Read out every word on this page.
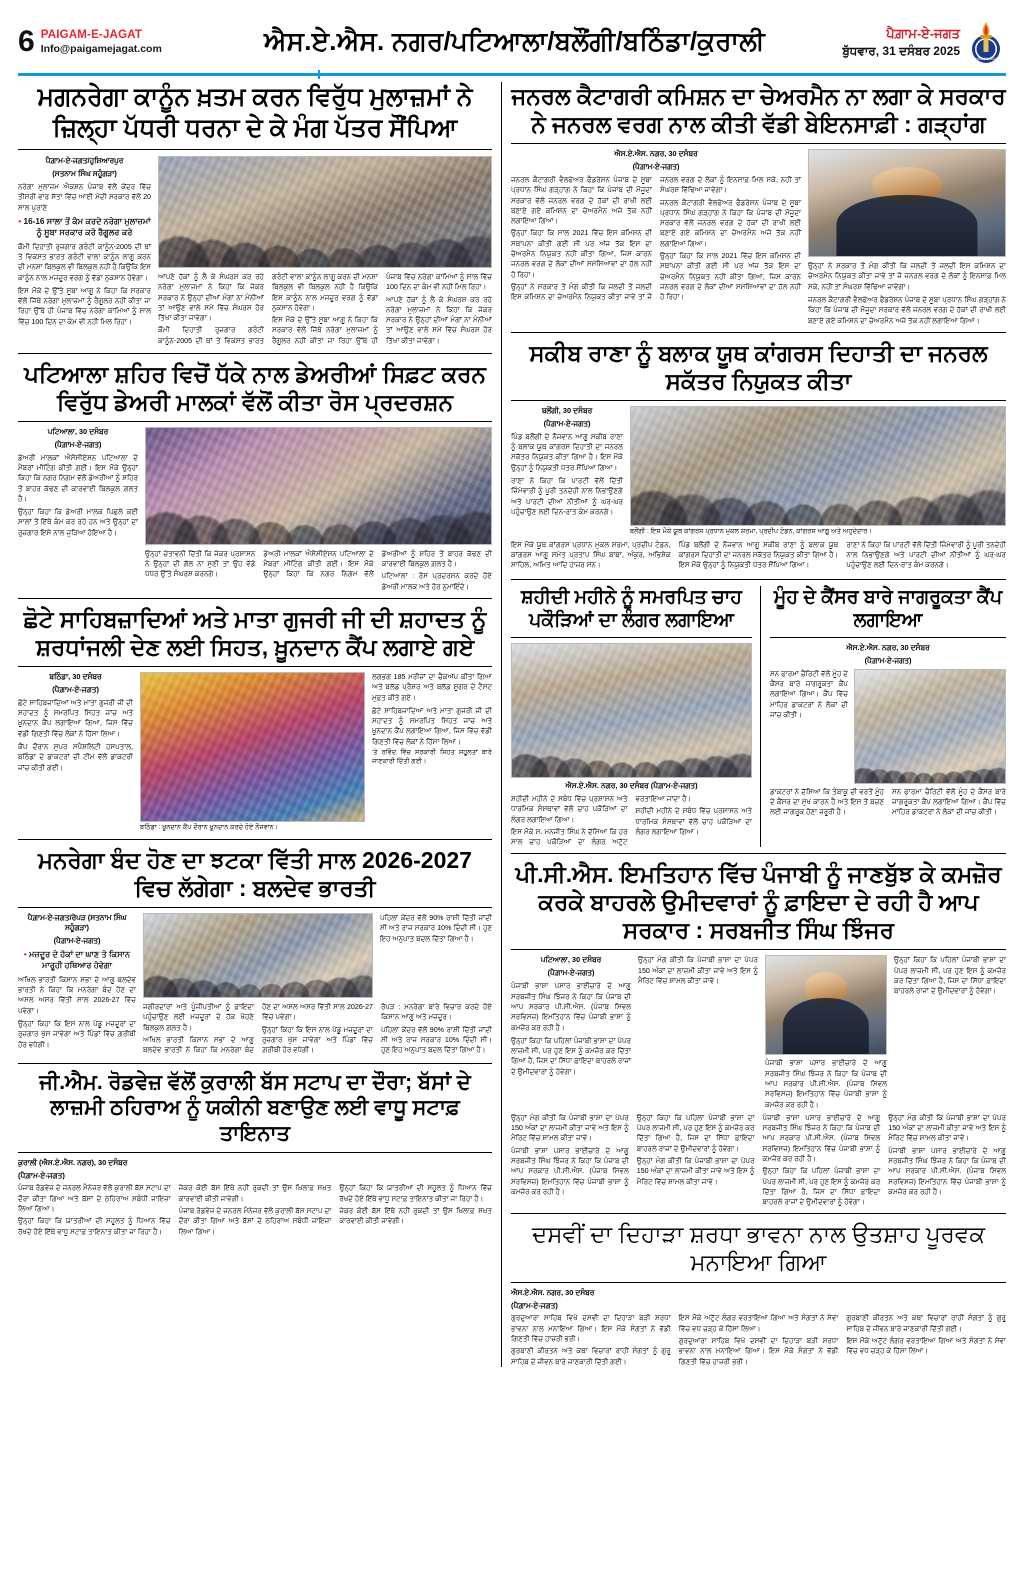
6 PAIGAM-E-JAGAT
Info@paigamejagat.com	ਐਸ.ਏ.ਐਸ. ਨਗਰ/ਪਟਿਆਲਾ/ਬਲੌਂਗੀ/ਬਠਿੰਡਾ/ਕੁਰਾਲੀ	ਪੈਗ਼ਾਮ-ਏ-ਜਗਤ
ਬੁੱਧਵਾਰ, 31 ਦਸੰਬਰ 2025
PAIGAM-E-JAGAT
ਮਗਨਰੇਗਾ ਕਾਨੂੰਨ ਖ਼ਤਮ ਕਰਨ ਵਿਰੁੱਧ ਮੁਲਾਜ਼ਮਾਂ ਨੇ ਜ਼ਿਲ੍ਹਾ ਪੱਧਰੀ ਧਰਨਾ ਦੇ ਕੇ ਮੰਗ ਪੱਤਰ ਸੌਂਪਿਆ
ਪੈਗ਼ਾਮ-ਏ-ਜਗਤ/ਹੁਸ਼ਿਆਰਪੁਰ
(ਸਤਨਾਮ ਸਿੰਘ ਸਹੂੰਗੜਾ)
ਨਰੇਗਾ ਮੁਲਾਜ਼ਮ ਐਕਸ਼ਨ ਪੰਜਾਬ ਵੱਲੋਂ ਕੇਂਦਰ ਵਿੱਚ ਤੀਸਰੀ ਵਾਰ ਸੱਤਾ ਵਿੱਚ ਆਈ ਮੋਦੀ ਸਰਕਾਰ ਵੱਲੋਂ 20 ਸਾਲ ਪੁਰਾਣੇ
• 16-16 ਸਾਲਾ ਤੋਂ ਕੰਮ ਕਰਦੇ ਨਰੇਗਾ ਮੁਲਾਜ਼ਮਾਂ ਨੂੰ ਸੂਬਾ ਸਰਕਾਰ ਕਰੇ ਰੈਗੂਲਰ ਕਰੇ
ਕੌਮੀ ਦਿਹਾਤੀ ਰੁਜ਼ਗਾਰ ਗਰੰਟੀ ਕਾਨੂੰਨ-2005 ਦੀ ਥਾਂ ਤੇ ਵਿਕਸਤ ਭਾਰਤ ਗਰੰਟੀ ਵਾਲਾ ਕਾਨੂੰਨ ਲਾਗੂ ਕਰਨ ਦੀ ਮਨਸ਼ਾ ਬਿਲਕੁਲ ਵੀ ਬਿਲਕੁਲ ਨਹੀਂ ਹੈ ਕਿਉਂਕਿ ਇਸ ਕਾਨੂੰਨ ਨਾਲ ਮਜ਼ਦੂਰ ਵਰਗ ਨੂੰ ਵੱਡਾ ਨੁਕਸਾਨ ਹੋਵੇਗਾ।
ਇਸ ਮੌਕੇ ਦੇ ਉੱਤੇ ਸੂਬਾ ਆਗੂ ਨੇ ਕਿਹਾ ਕਿ ਸਰਕਾਰ ਵੱਲੋਂ ਜਿੱਥੇ ਨਰੇਗਾ ਮੁਲਾਜ਼ਮਾਂ ਨੂੰ ਰੈਗੂਲਰ ਨਹੀਂ ਕੀਤਾ ਜਾ ਰਿਹਾ ਉੱਥੇ ਹੀ ਪੰਜਾਬ ਵਿੱਚ ਨਰੇਗਾ ਕਾਮਿਆਂ ਨੂੰ ਸਾਲ ਵਿੱਚ 100 ਦਿਨ ਦਾ ਕੰਮ ਵੀ ਨਹੀਂ ਮਿਲ ਰਿਹਾ।

ਆਪਣੇ ਹੱਕਾਂ ਨੂੰ ਲੈ ਕੇ ਸੰਘਰਸ਼ ਕਰ ਰਹੇ ਨਰੇਗਾ ਮੁਲਾਜ਼ਮਾਂ ਨੇ ਕਿਹਾ ਕਿ ਜੇਕਰ ਸਰਕਾਰ ਨੇ ਉਨ੍ਹਾਂ ਦੀਆਂ ਮੰਗਾਂ ਨਾ ਮੰਨੀਆਂ ਤਾਂ ਆਉਣ ਵਾਲੇ ਸਮੇਂ ਵਿੱਚ ਸੰਘਰਸ਼ ਹੋਰ ਤਿੱਖਾ ਕੀਤਾ ਜਾਵੇਗਾ।

ਕੌਮੀ ਦਿਹਾਤੀ ਰੁਜ਼ਗਾਰ ਗਰੰਟੀ ਕਾਨੂੰਨ-2005 ਦੀ ਥਾਂ ਤੇ ਵਿਕਸਤ ਭਾਰਤ ਗਰੰਟੀ ਵਾਲਾ ਕਾਨੂੰਨ ਲਾਗੂ ਕਰਨ ਦੀ ਮਨਸ਼ਾ ਬਿਲਕੁਲ ਵੀ ਬਿਲਕੁਲ ਨਹੀਂ ਹੈ ਕਿਉਂਕਿ ਇਸ ਕਾਨੂੰਨ ਨਾਲ ਮਜ਼ਦੂਰ ਵਰਗ ਨੂੰ ਵੱਡਾ ਨੁਕਸਾਨ ਹੋਵੇਗਾ।

ਇਸ ਮੌਕੇ ਦੇ ਉੱਤੇ ਸੂਬਾ ਆਗੂ ਨੇ ਕਿਹਾ ਕਿ ਸਰਕਾਰ ਵੱਲੋਂ ਜਿੱਥੇ ਨਰੇਗਾ ਮੁਲਾਜ਼ਮਾਂ ਨੂੰ ਰੈਗੂਲਰ ਨਹੀਂ ਕੀਤਾ ਜਾ ਰਿਹਾ ਉੱਥੇ ਹੀ ਪੰਜਾਬ ਵਿੱਚ ਨਰੇਗਾ ਕਾਮਿਆਂ ਨੂੰ ਸਾਲ ਵਿੱਚ 100 ਦਿਨ ਦਾ ਕੰਮ ਵੀ ਨਹੀਂ ਮਿਲ ਰਿਹਾ।

ਆਪਣੇ ਹੱਕਾਂ ਨੂੰ ਲੈ ਕੇ ਸੰਘਰਸ਼ ਕਰ ਰਹੇ ਨਰੇਗਾ ਮੁਲਾਜ਼ਮਾਂ ਨੇ ਕਿਹਾ ਕਿ ਜੇਕਰ ਸਰਕਾਰ ਨੇ ਉਨ੍ਹਾਂ ਦੀਆਂ ਮੰਗਾਂ ਨਾ ਮੰਨੀਆਂ ਤਾਂ ਆਉਣ ਵਾਲੇ ਸਮੇਂ ਵਿੱਚ ਸੰਘਰਸ਼ ਹੋਰ ਤਿੱਖਾ ਕੀਤਾ ਜਾਵੇਗਾ।

ਪਟਿਆਲਾ ਸ਼ਹਿਰ ਵਿਚੋਂ ਧੱਕੇ ਨਾਲ ਡੇਅਰੀਆਂ ਸਿਫ਼ਟ ਕਰਨ ਵਿਰੁੱਧ ਡੇਅਰੀ ਮਾਲਕਾਂ ਵੱਲੋਂ ਕੀਤਾ ਰੋਸ ਪ੍ਰਦਰਸ਼ਨ
ਪਟਿਆਲਾ, 30 ਦਸੰਬਰ
(ਪੈਗ਼ਾਮ-ਏ-ਜਗਤ)
ਡੇਅਰੀ ਮਾਲਕਾਂ ਐਸੋਸੀਏਸ਼ਨ ਪਟਿਆਲਾ ਦੇ ਮੈਂਬਰਾਂ ਮੀਟਿੰਗ ਕੀਤੀ ਗਈ। ਇਸ ਮੌਕੇ ਉਨ੍ਹਾਂ ਕਿਹਾ ਕਿ ਨਗਰ ਨਿਗਮ ਵੱਲੋਂ ਡੇਅਰੀਆਂ ਨੂੰ ਸ਼ਹਿਰ ਤੋਂ ਬਾਹਰ ਕੱਢਣ ਦੀ ਕਾਰਵਾਈ ਬਿਲਕੁਲ ਗ਼ਲਤ ਹੈ।
ਉਨ੍ਹਾਂ ਕਿਹਾ ਕਿ ਡੇਅਰੀ ਮਾਲਕ ਪਿਛਲੇ ਕਈ ਸਾਲਾਂ ਤੋਂ ਇੱਥੇ ਕੰਮ ਕਰ ਰਹੇ ਹਨ ਅਤੇ ਉਨ੍ਹਾਂ ਦਾ ਰੁਜ਼ਗਾਰ ਇਸੇ ਨਾਲ ਜੁੜਿਆ ਹੋਇਆ ਹੈ।

ਉਨ੍ਹਾਂ ਚੇਤਾਵਨੀ ਦਿੱਤੀ ਕਿ ਜੇਕਰ ਪ੍ਰਸ਼ਾਸਨ ਨੇ ਉਨ੍ਹਾਂ ਦੀ ਗੱਲ ਨਾ ਸੁਣੀ ਤਾਂ ਉਹ ਵੱਡੇ ਪੱਧਰ ਉੱਤੇ ਸੰਘਰਸ਼ ਕਰਨਗੇ।

ਡੇਅਰੀ ਮਾਲਕਾਂ ਐਸੋਸੀਏਸ਼ਨ ਪਟਿਆਲਾ ਦੇ ਮੈਂਬਰਾਂ ਮੀਟਿੰਗ ਕੀਤੀ ਗਈ। ਇਸ ਮੌਕੇ ਉਨ੍ਹਾਂ ਕਿਹਾ ਕਿ ਨਗਰ ਨਿਗਮ ਵੱਲੋਂ ਡੇਅਰੀਆਂ ਨੂੰ ਸ਼ਹਿਰ ਤੋਂ ਬਾਹਰ ਕੱਢਣ ਦੀ ਕਾਰਵਾਈ ਬਿਲਕੁਲ ਗ਼ਲਤ ਹੈ।

ਪਟਿਆਲਾ : ਰੋਸ ਪ੍ਰਦਰਸ਼ਨ ਕਰਦੇ ਹੋਏ ਡੇਅਰੀ ਮਾਲਕ ਅਤੇ ਹੋਰ ਨੁਮਾਇੰਦੇ।

ਛੋਟੇ ਸਾਹਿਬਜ਼ਾਦਿਆਂ ਅਤੇ ਮਾਤਾ ਗੁਜਰੀ ਜੀ ਦੀ ਸ਼ਹਾਦਤ ਨੂੰ ਸ਼ਰਧਾਂਜਲੀ ਦੇਣ ਲਈ ਸਿਹਤ, ਖ਼ੂਨਦਾਨ ਕੈਂਪ ਲਗਾਏ ਗਏ
ਬਠਿੰਡਾ, 30 ਦਸੰਬਰ
(ਪੈਗ਼ਾਮ-ਏ-ਜਗਤ)
ਛੋਟੇ ਸਾਹਿਬਜ਼ਾਦਿਆਂ ਅਤੇ ਮਾਤਾ ਗੁਜਰੀ ਜੀ ਦੀ ਸ਼ਹਾਦਤ ਨੂੰ ਸਮਰਪਿਤ ਸਿਹਤ ਜਾਂਚ ਅਤੇ ਖ਼ੂਨਦਾਨ ਕੈਂਪ ਲਗਾਇਆ ਗਿਆ, ਜਿਸ ਵਿੱਚ ਵੱਡੀ ਗਿਣਤੀ ਵਿੱਚ ਲੋਕਾਂ ਨੇ ਹਿੱਸਾ ਲਿਆ।
ਕੈਂਪ ਦੌਰਾਨ ਸੁਪਰ ਸਪੈਸ਼ਲਿਟੀ ਹਸਪਤਾਲ, ਬਠਿੰਡਾ ਦੇ ਡਾਕਟਰਾਂ ਦੀ ਟੀਮ ਵੱਲੋਂ ਡਾਕਟਰੀ ਜਾਂਚ ਕੀਤੀ ਗਈ।
ਬਠਿੰਡਾ : ਖ਼ੂਨਦਾਨ ਕੈਂਪ ਦੌਰਾਨ ਖ਼ੂਨਦਾਨ ਕਰਦੇ ਹੋਏ ਨੌਜਵਾਨ।
ਲਗਭਗ 185 ਮਰੀਜ਼ਾਂ ਦਾ ਚੈਕਅੱਪ ਕੀਤਾ ਗਿਆ ਅਤੇ ਬਲੱਡ ਪ੍ਰੈਸ਼ਰ ਅਤੇ ਬਲੱਡ ਸ਼ੂਗਰ ਦੇ ਟੈਸਟ ਮੁਫ਼ਤ ਕੀਤੇ ਗਏ।
ਛੋਟੇ ਸਾਹਿਬਜ਼ਾਦਿਆਂ ਅਤੇ ਮਾਤਾ ਗੁਜਰੀ ਜੀ ਦੀ ਸ਼ਹਾਦਤ ਨੂੰ ਸਮਰਪਿਤ ਸਿਹਤ ਜਾਂਚ ਅਤੇ ਖ਼ੂਨਦਾਨ ਕੈਂਪ ਲਗਾਇਆ ਗਿਆ, ਜਿਸ ਵਿੱਚ ਵੱਡੀ ਗਿਣਤੀ ਵਿੱਚ ਲੋਕਾਂ ਨੇ ਹਿੱਸਾ ਲਿਆ।
'ਤੇ ਰਵਿੰਦ ਵਿੱਚ ਸਰਕਾਰੀ ਸਿਹਤ ਸਹੂਲਤਾਂ ਬਾਰੇ ਜਾਣਕਾਰੀ ਦਿੱਤੀ ਗਈ।
ਮਨਰੇਗਾ ਬੰਦ ਹੋਣ ਦਾ ਝਟਕਾ ਵਿੱਤੀ ਸਾਲ 2026-2027 ਵਿਚ ਲੱਗੇਗਾ : ਬਲਦੇਵ ਭਾਰਤੀ
ਪੈਗ਼ਾਮ-ਏ-ਜਗਤ/ਰੋਪੜ (ਸਤਨਾਮ ਸਿੰਘ ਸਹੂੰਗੜਾ)
(ਪੈਗ਼ਾਮ-ਏ-ਜਗਤ)
• ਮਜ਼ਦੂਰ ਦੇ ਹੱਕਾਂ ਦਾ ਘਾਣ ਤੇ ਕਿਸਾਨ ਮਾਰੂਹੀ ਹਥਿਆਰ ਹੋਵੇਗਾ
ਅਖਿਲ ਭਾਰਤੀ ਕਿਸਾਨ ਸਭਾ ਦੇ ਆਗੂ ਬਲਦੇਵ ਭਾਰਤੀ ਨੇ ਕਿਹਾ ਕਿ ਮਨਰੇਗਾ ਬੰਦ ਹੋਣ ਦਾ ਅਸਲ ਅਸਰ ਵਿੱਤੀ ਸਾਲ 2026-27 ਵਿੱਚ ਪਵੇਗਾ।
ਉਨ੍ਹਾਂ ਕਿਹਾ ਕਿ ਇਸ ਨਾਲ ਪੇਂਡੂ ਮਜ਼ਦੂਰਾਂ ਦਾ ਰੁਜ਼ਗਾਰ ਖੁੱਸ ਜਾਵੇਗਾ ਅਤੇ ਪਿੰਡਾਂ ਵਿੱਚ ਗ਼ਰੀਬੀ ਹੋਰ ਵਧੇਗੀ।
ਪਹਿਲਾਂ ਕੇਂਦਰ ਵੱਲੋਂ 90% ਰਾਸ਼ੀ ਦਿੱਤੀ ਜਾਂਦੀ ਸੀ ਅਤੇ ਰਾਜ ਸਰਕਾਰ 10% ਦਿੰਦੀ ਸੀ। ਹੁਣ ਇਹ ਅਨੁਪਾਤ ਬਦਲ ਦਿੱਤਾ ਗਿਆ ਹੈ।

ਜਗੀਰਦਾਰਾਂ ਅਤੇ ਪੂੰਜੀਪਤੀਆਂ ਨੂੰ ਫ਼ਾਇਦਾ ਪਹੁੰਚਾਉਣ ਲਈ ਮਜ਼ਦੂਰਾਂ ਦੇ ਹੱਕ ਖੋਹਣੇ ਬਿਲਕੁਲ ਗ਼ਲਤ ਹੈ।

ਅਖਿਲ ਭਾਰਤੀ ਕਿਸਾਨ ਸਭਾ ਦੇ ਆਗੂ ਬਲਦੇਵ ਭਾਰਤੀ ਨੇ ਕਿਹਾ ਕਿ ਮਨਰੇਗਾ ਬੰਦ ਹੋਣ ਦਾ ਅਸਲ ਅਸਰ ਵਿੱਤੀ ਸਾਲ 2026-27 ਵਿੱਚ ਪਵੇਗਾ।

ਉਨ੍ਹਾਂ ਕਿਹਾ ਕਿ ਇਸ ਨਾਲ ਪੇਂਡੂ ਮਜ਼ਦੂਰਾਂ ਦਾ ਰੁਜ਼ਗਾਰ ਖੁੱਸ ਜਾਵੇਗਾ ਅਤੇ ਪਿੰਡਾਂ ਵਿੱਚ ਗ਼ਰੀਬੀ ਹੋਰ ਵਧੇਗੀ।

ਰੋਪੜ : ਮਨਰੇਗਾ ਬਾਰੇ ਵਿਚਾਰ ਕਰਦੇ ਹੋਏ ਕਿਸਾਨ ਆਗੂ ਅਤੇ ਮਜ਼ਦੂਰ।

ਪਹਿਲਾਂ ਕੇਂਦਰ ਵੱਲੋਂ 90% ਰਾਸ਼ੀ ਦਿੱਤੀ ਜਾਂਦੀ ਸੀ ਅਤੇ ਰਾਜ ਸਰਕਾਰ 10% ਦਿੰਦੀ ਸੀ। ਹੁਣ ਇਹ ਅਨੁਪਾਤ ਬਦਲ ਦਿੱਤਾ ਗਿਆ ਹੈ।

ਜੀ.ਐਮ. ਰੋਡਵੇਜ਼ ਵੱਲੋਂ ਕੁਰਾਲੀ ਬੱਸ ਸਟਾਪ ਦਾ ਦੌਰਾ; ਬੱਸਾਂ ਦੇ ਲਾਜ਼ਮੀ ਠਹਿਰਾਅ ਨੂੰ ਯਕੀਨੀ ਬਣਾਉਣ ਲਈ ਵਾਧੂ ਸਟਾਫ਼ ਤਾਇਨਾਤ
ਕੁਰਾਲੀ (ਐਸ.ਏ.ਐਸ. ਨਗਰ), 30 ਦਸੰਬਰ
(ਪੈਗ਼ਾਮ-ਏ-ਜਗਤ)

ਪੰਜਾਬ ਰੋਡਵੇਜ਼ ਦੇ ਜਨਰਲ ਮੈਨੇਜਰ ਵੱਲੋਂ ਕੁਰਾਲੀ ਬੱਸ ਸਟਾਪ ਦਾ ਦੌਰਾ ਕੀਤਾ ਗਿਆ ਅਤੇ ਬੱਸਾਂ ਦੇ ਠਹਿਰਾਅ ਸਬੰਧੀ ਜਾਇਜ਼ਾ ਲਿਆ ਗਿਆ।

ਉਨ੍ਹਾਂ ਕਿਹਾ ਕਿ ਯਾਤਰੀਆਂ ਦੀ ਸਹੂਲਤ ਨੂੰ ਧਿਆਨ ਵਿੱਚ ਰੱਖਦੇ ਹੋਏ ਇੱਥੇ ਵਾਧੂ ਸਟਾਫ਼ ਤਾਇਨਾਤ ਕੀਤਾ ਜਾ ਰਿਹਾ ਹੈ।

ਜੇਕਰ ਕੋਈ ਬੱਸ ਇੱਥੇ ਨਹੀਂ ਰੁਕਦੀ ਤਾਂ ਉਸ ਖ਼ਿਲਾਫ਼ ਸਖ਼ਤ ਕਾਰਵਾਈ ਕੀਤੀ ਜਾਵੇਗੀ।

ਪੰਜਾਬ ਰੋਡਵੇਜ਼ ਦੇ ਜਨਰਲ ਮੈਨੇਜਰ ਵੱਲੋਂ ਕੁਰਾਲੀ ਬੱਸ ਸਟਾਪ ਦਾ ਦੌਰਾ ਕੀਤਾ ਗਿਆ ਅਤੇ ਬੱਸਾਂ ਦੇ ਠਹਿਰਾਅ ਸਬੰਧੀ ਜਾਇਜ਼ਾ ਲਿਆ ਗਿਆ।

ਉਨ੍ਹਾਂ ਕਿਹਾ ਕਿ ਯਾਤਰੀਆਂ ਦੀ ਸਹੂਲਤ ਨੂੰ ਧਿਆਨ ਵਿੱਚ ਰੱਖਦੇ ਹੋਏ ਇੱਥੇ ਵਾਧੂ ਸਟਾਫ਼ ਤਾਇਨਾਤ ਕੀਤਾ ਜਾ ਰਿਹਾ ਹੈ।

ਜੇਕਰ ਕੋਈ ਬੱਸ ਇੱਥੇ ਨਹੀਂ ਰੁਕਦੀ ਤਾਂ ਉਸ ਖ਼ਿਲਾਫ਼ ਸਖ਼ਤ ਕਾਰਵਾਈ ਕੀਤੀ ਜਾਵੇਗੀ।

ਜਨਰਲ ਕੈਟਾਗਰੀ ਕਮਿਸ਼ਨ ਦਾ ਚੇਅਰਮੈਨ ਨਾ ਲਗਾ ਕੇ ਸਰਕਾਰ ਨੇ ਜਨਰਲ ਵਰਗ ਨਾਲ ਕੀਤੀ ਵੱਡੀ ਬੇਇਨਸਾਫ਼ੀ : ਗੜ੍ਹਾਂਗ
ਐਸ.ਏ.ਐਸ. ਨਗਰ, 30 ਦਸੰਬਰ
(ਪੈਗ਼ਾਮ-ਏ-ਜਗਤ)

ਜਨਰਲ ਕੈਟਾਗਰੀ ਵੈਲਫੇਅਰ ਫੈਡਰੇਸ਼ਨ ਪੰਜਾਬ ਦੇ ਸੂਬਾ ਪ੍ਰਧਾਨ ਸਿੰਘ ਗੜ੍ਹਾਂਗ ਨੇ ਕਿਹਾ ਕਿ ਪੰਜਾਬ ਦੀ ਮੌਜੂਦਾ ਸਰਕਾਰ ਵੱਲੋਂ ਜਨਰਲ ਵਰਗ ਦੇ ਹੱਕਾਂ ਦੀ ਰਾਖੀ ਲਈ ਬਣਾਏ ਗਏ ਕਮਿਸ਼ਨ ਦਾ ਚੇਅਰਮੈਨ ਅਜੇ ਤੱਕ ਨਹੀਂ ਲਗਾਇਆ ਗਿਆ।

ਉਨ੍ਹਾਂ ਕਿਹਾ ਕਿ ਸਾਲ 2021 ਵਿੱਚ ਇਸ ਕਮਿਸ਼ਨ ਦੀ ਸਥਾਪਨਾ ਕੀਤੀ ਗਈ ਸੀ ਪਰ ਅੱਜ ਤੱਕ ਇਸ ਦਾ ਚੇਅਰਮੈਨ ਨਿਯੁਕਤ ਨਹੀਂ ਕੀਤਾ ਗਿਆ, ਜਿਸ ਕਾਰਨ ਜਨਰਲ ਵਰਗ ਦੇ ਲੋਕਾਂ ਦੀਆਂ ਸਮੱਸਿਆਵਾਂ ਦਾ ਹੱਲ ਨਹੀਂ ਹੋ ਰਿਹਾ।

ਉਨ੍ਹਾਂ ਨੇ ਸਰਕਾਰ ਤੋਂ ਮੰਗ ਕੀਤੀ ਕਿ ਜਲਦੀ ਤੋਂ ਜਲਦੀ ਇਸ ਕਮਿਸ਼ਨ ਦਾ ਚੇਅਰਮੈਨ ਨਿਯੁਕਤ ਕੀਤਾ ਜਾਵੇ ਤਾਂ ਜੋ ਜਨਰਲ ਵਰਗ ਦੇ ਲੋਕਾਂ ਨੂੰ ਇਨਸਾਫ਼ ਮਿਲ ਸਕੇ, ਨਹੀਂ ਤਾਂ ਸੰਘਰਸ਼ ਵਿੱਢਿਆ ਜਾਵੇਗਾ।

ਜਨਰਲ ਕੈਟਾਗਰੀ ਵੈਲਫੇਅਰ ਫੈਡਰੇਸ਼ਨ ਪੰਜਾਬ ਦੇ ਸੂਬਾ ਪ੍ਰਧਾਨ ਸਿੰਘ ਗੜ੍ਹਾਂਗ ਨੇ ਕਿਹਾ ਕਿ ਪੰਜਾਬ ਦੀ ਮੌਜੂਦਾ ਸਰਕਾਰ ਵੱਲੋਂ ਜਨਰਲ ਵਰਗ ਦੇ ਹੱਕਾਂ ਦੀ ਰਾਖੀ ਲਈ ਬਣਾਏ ਗਏ ਕਮਿਸ਼ਨ ਦਾ ਚੇਅਰਮੈਨ ਅਜੇ ਤੱਕ ਨਹੀਂ ਲਗਾਇਆ ਗਿਆ।

ਉਨ੍ਹਾਂ ਕਿਹਾ ਕਿ ਸਾਲ 2021 ਵਿੱਚ ਇਸ ਕਮਿਸ਼ਨ ਦੀ ਸਥਾਪਨਾ ਕੀਤੀ ਗਈ ਸੀ ਪਰ ਅੱਜ ਤੱਕ ਇਸ ਦਾ ਚੇਅਰਮੈਨ ਨਿਯੁਕਤ ਨਹੀਂ ਕੀਤਾ ਗਿਆ, ਜਿਸ ਕਾਰਨ ਜਨਰਲ ਵਰਗ ਦੇ ਲੋਕਾਂ ਦੀਆਂ ਸਮੱਸਿਆਵਾਂ ਦਾ ਹੱਲ ਨਹੀਂ ਹੋ ਰਿਹਾ।

ਉਨ੍ਹਾਂ ਨੇ ਸਰਕਾਰ ਤੋਂ ਮੰਗ ਕੀਤੀ ਕਿ ਜਲਦੀ ਤੋਂ ਜਲਦੀ ਇਸ ਕਮਿਸ਼ਨ ਦਾ ਚੇਅਰਮੈਨ ਨਿਯੁਕਤ ਕੀਤਾ ਜਾਵੇ ਤਾਂ ਜੋ ਜਨਰਲ ਵਰਗ ਦੇ ਲੋਕਾਂ ਨੂੰ ਇਨਸਾਫ਼ ਮਿਲ ਸਕੇ, ਨਹੀਂ ਤਾਂ ਸੰਘਰਸ਼ ਵਿੱਢਿਆ ਜਾਵੇਗਾ।
ਜਨਰਲ ਕੈਟਾਗਰੀ ਵੈਲਫੇਅਰ ਫੈਡਰੇਸ਼ਨ ਪੰਜਾਬ ਦੇ ਸੂਬਾ ਪ੍ਰਧਾਨ ਸਿੰਘ ਗੜ੍ਹਾਂਗ ਨੇ ਕਿਹਾ ਕਿ ਪੰਜਾਬ ਦੀ ਮੌਜੂਦਾ ਸਰਕਾਰ ਵੱਲੋਂ ਜਨਰਲ ਵਰਗ ਦੇ ਹੱਕਾਂ ਦੀ ਰਾਖੀ ਲਈ ਬਣਾਏ ਗਏ ਕਮਿਸ਼ਨ ਦਾ ਚੇਅਰਮੈਨ ਅਜੇ ਤੱਕ ਨਹੀਂ ਲਗਾਇਆ ਗਿਆ।
ਸਕੀਬ ਰਾਣਾ ਨੂੰ ਬਲਾਕ ਯੂਥ ਕਾਂਗਰਸ ਦਿਹਾਤੀ ਦਾ ਜਨਰਲ ਸਕੱਤਰ ਨਿਯੁਕਤ ਕੀਤਾ
ਬਲੌਂਗੀ, 30 ਦਸੰਬਰ
(ਪੈਗ਼ਾਮ-ਏ-ਜਗਤ)
ਪਿੰਡ ਬਲੌਂਗੀ ਦੇ ਨੌਜਵਾਨ ਆਗੂ ਸਕੀਬ ਰਾਣਾ ਨੂੰ ਬਲਾਕ ਯੂਥ ਕਾਂਗਰਸ ਦਿਹਾਤੀ ਦਾ ਜਨਰਲ ਸਕੱਤਰ ਨਿਯੁਕਤ ਕੀਤਾ ਗਿਆ ਹੈ। ਇਸ ਮੌਕੇ ਉਨ੍ਹਾਂ ਨੂੰ ਨਿਯੁਕਤੀ ਪੱਤਰ ਸੌਂਪਿਆ ਗਿਆ।
ਰਾਣਾ ਨੇ ਕਿਹਾ ਕਿ ਪਾਰਟੀ ਵੱਲੋਂ ਦਿੱਤੀ ਜ਼ਿੰਮੇਵਾਰੀ ਨੂੰ ਪੂਰੀ ਤਨਦੇਹੀ ਨਾਲ ਨਿਭਾਉਣਗੇ ਅਤੇ ਪਾਰਟੀ ਦੀਆਂ ਨੀਤੀਆਂ ਨੂੰ ਘਰ-ਘਰ ਪਹੁੰਚਾਉਣ ਲਈ ਦਿਨ-ਰਾਤ ਕੰਮ ਕਰਨਗੇ।
ਬਲੌਂਗੀ : ਇਸ ਮੌਕੇ ਯੂਥ ਕਾਂਗਰਸ ਪ੍ਰਧਾਨ ਮੁਕਲ ਸ਼ਰਮਾ, ਪ੍ਰਦੀਪ ਟੰਡਨ, ਕਾਂਗਰਸ ਆਗੂ ਅਤੇ ਅਹੁਦੇਦਾਰ।

ਇਸ ਮੌਕੇ ਯੂਥ ਕਾਂਗਰਸ ਪ੍ਰਧਾਨ ਮੁਕਲ ਸ਼ਰਮਾ, ਪ੍ਰਦੀਪ ਟੰਡਨ, ਕਾਂਗਰਸ ਆਗੂ ਸਮੇਤ ਪ੍ਰਤਾਪ ਸਿੰਘ ਬਾਬਾ, ਅੰਕੁਰ, ਅਭਿਸ਼ੇਕ ਸਾਹਿਲ, ਅਮਿਤ ਆਦਿ ਹਾਜ਼ਰ ਸਨ।

ਪਿੰਡ ਬਲੌਂਗੀ ਦੇ ਨੌਜਵਾਨ ਆਗੂ ਸਕੀਬ ਰਾਣਾ ਨੂੰ ਬਲਾਕ ਯੂਥ ਕਾਂਗਰਸ ਦਿਹਾਤੀ ਦਾ ਜਨਰਲ ਸਕੱਤਰ ਨਿਯੁਕਤ ਕੀਤਾ ਗਿਆ ਹੈ। ਇਸ ਮੌਕੇ ਉਨ੍ਹਾਂ ਨੂੰ ਨਿਯੁਕਤੀ ਪੱਤਰ ਸੌਂਪਿਆ ਗਿਆ।

ਰਾਣਾ ਨੇ ਕਿਹਾ ਕਿ ਪਾਰਟੀ ਵੱਲੋਂ ਦਿੱਤੀ ਜ਼ਿੰਮੇਵਾਰੀ ਨੂੰ ਪੂਰੀ ਤਨਦੇਹੀ ਨਾਲ ਨਿਭਾਉਣਗੇ ਅਤੇ ਪਾਰਟੀ ਦੀਆਂ ਨੀਤੀਆਂ ਨੂੰ ਘਰ-ਘਰ ਪਹੁੰਚਾਉਣ ਲਈ ਦਿਨ-ਰਾਤ ਕੰਮ ਕਰਨਗੇ।

ਸ਼ਹੀਦੀ ਮਹੀਨੇ ਨੂੰ ਸਮਰਪਿਤ ਚਾਹ ਪਕੌੜਿਆਂ ਦਾ ਲੰਗਰ ਲਗਾਇਆ
ਐਸ.ਏ.ਐਸ. ਨਗਰ, 30 ਦਸੰਬਰ (ਪੈਗ਼ਾਮ-ਏ-ਜਗਤ)

ਸ਼ਹੀਦੀ ਮਹੀਨੇ ਦੇ ਸਬੰਧ ਵਿੱਚ ਪ੍ਰਸ਼ਾਸਨ ਅਤੇ ਧਾਰਮਿਕ ਸੰਸਥਾਵਾਂ ਵੱਲੋਂ ਚਾਹ ਪਕੌੜਿਆਂ ਦਾ ਲੰਗਰ ਲਗਾਇਆ ਗਿਆ।

ਇਸ ਮੌਕੇ ਸ. ਮਨਜੀਤ ਸਿੰਘ ਨੇ ਦੱਸਿਆ ਕਿ ਹਰ ਸਾਲ ਚਾਹ ਪਕੌੜਿਆਂ ਦਾ ਲੰਗਰ ਅਟੁੱਟ ਵਰਤਾਇਆ ਜਾਂਦਾ ਹੈ।

ਸ਼ਹੀਦੀ ਮਹੀਨੇ ਦੇ ਸਬੰਧ ਵਿੱਚ ਪ੍ਰਸ਼ਾਸਨ ਅਤੇ ਧਾਰਮਿਕ ਸੰਸਥਾਵਾਂ ਵੱਲੋਂ ਚਾਹ ਪਕੌੜਿਆਂ ਦਾ ਲੰਗਰ ਲਗਾਇਆ ਗਿਆ।

ਮੂੰਹ ਦੇ ਕੈਂਸਰ ਬਾਰੇ ਜਾਗਰੂਕਤਾ ਕੈਂਪ ਲਗਾਇਆ
ਐਸ.ਏ.ਐਸ. ਨਗਰ, 30 ਦਸੰਬਰ
(ਪੈਗ਼ਾਮ-ਏ-ਜਗਤ)
ਸਨ ਫਾਰਮਾ ਚੈਰਿਟੀ ਵੱਲੋਂ ਮੂੰਹ ਦੇ ਕੈਂਸਰ ਬਾਰੇ ਜਾਗਰੂਕਤਾ ਕੈਂਪ ਲਗਾਇਆ ਗਿਆ। ਕੈਂਪ ਵਿੱਚ ਮਾਹਿਰ ਡਾਕਟਰਾਂ ਨੇ ਲੋਕਾਂ ਦੀ ਜਾਂਚ ਕੀਤੀ।

ਡਾਕਟਰਾਂ ਨੇ ਦੱਸਿਆ ਕਿ ਤੰਬਾਕੂ ਦੀ ਵਰਤੋਂ ਮੂੰਹ ਦੇ ਕੈਂਸਰ ਦਾ ਮੁੱਖ ਕਾਰਨ ਹੈ ਅਤੇ ਇਸ ਤੋਂ ਬਚਣ ਲਈ ਜਾਗਰੂਕ ਹੋਣਾ ਜ਼ਰੂਰੀ ਹੈ।

ਸਨ ਫਾਰਮਾ ਚੈਰਿਟੀ ਵੱਲੋਂ ਮੂੰਹ ਦੇ ਕੈਂਸਰ ਬਾਰੇ ਜਾਗਰੂਕਤਾ ਕੈਂਪ ਲਗਾਇਆ ਗਿਆ। ਕੈਂਪ ਵਿੱਚ ਮਾਹਿਰ ਡਾਕਟਰਾਂ ਨੇ ਲੋਕਾਂ ਦੀ ਜਾਂਚ ਕੀਤੀ।

ਪੀ.ਸੀ.ਐਸ. ਇਮਤਿਹਾਨ ਵਿੱਚ ਪੰਜਾਬੀ ਨੂੰ ਜਾਣਬੁੱਝ ਕੇ ਕਮਜ਼ੋਰ ਕਰਕੇ ਬਾਹਰਲੇ ਉਮੀਦਵਾਰਾਂ ਨੂੰ ਫ਼ਾਇਦਾ ਦੇ ਰਹੀ ਹੈ ਆਪ ਸਰਕਾਰ : ਸਰਬਜੀਤ ਸਿੰਘ ਝਿੰਜਰ
ਪਟਿਆਲਾ, 30 ਦਸੰਬਰ
(ਪੈਗ਼ਾਮ-ਏ-ਜਗਤ)
ਪੰਜਾਬੀ ਭਾਸ਼ਾ ਪਸਾਰ ਭਾਈਚਾਰੇ ਦੇ ਆਗੂ ਸਰਬਜੀਤ ਸਿੰਘ ਝਿੰਜਰ ਨੇ ਕਿਹਾ ਕਿ ਪੰਜਾਬ ਦੀ ਆਪ ਸਰਕਾਰ ਪੀ.ਸੀ.ਐਸ. (ਪੰਜਾਬ ਸਿਵਲ ਸਰਵਿਸਜ਼) ਇਮਤਿਹਾਨ ਵਿੱਚ ਪੰਜਾਬੀ ਭਾਸ਼ਾ ਨੂੰ ਕਮਜ਼ੋਰ ਕਰ ਰਹੀ ਹੈ।
ਉਨ੍ਹਾਂ ਕਿਹਾ ਕਿ ਪਹਿਲਾਂ ਪੰਜਾਬੀ ਭਾਸ਼ਾ ਦਾ ਪੇਪਰ ਲਾਜ਼ਮੀ ਸੀ, ਪਰ ਹੁਣ ਇਸ ਨੂੰ ਕਮਜ਼ੋਰ ਕਰ ਦਿੱਤਾ ਗਿਆ ਹੈ, ਜਿਸ ਦਾ ਸਿੱਧਾ ਫ਼ਾਇਦਾ ਬਾਹਰਲੇ ਰਾਜਾਂ ਦੇ ਉਮੀਦਵਾਰਾਂ ਨੂੰ ਹੋਵੇਗਾ।
ਉਨ੍ਹਾਂ ਮੰਗ ਕੀਤੀ ਕਿ ਪੰਜਾਬੀ ਭਾਸ਼ਾ ਦਾ ਪੇਪਰ 150 ਅੰਕਾਂ ਦਾ ਲਾਜ਼ਮੀ ਕੀਤਾ ਜਾਵੇ ਅਤੇ ਇਸ ਨੂੰ ਮੈਰਿਟ ਵਿੱਚ ਸ਼ਾਮਲ ਕੀਤਾ ਜਾਵੇ।
ਪੰਜਾਬੀ ਭਾਸ਼ਾ ਪਸਾਰ ਭਾਈਚਾਰੇ ਦੇ ਆਗੂ ਸਰਬਜੀਤ ਸਿੰਘ ਝਿੰਜਰ ਨੇ ਕਿਹਾ ਕਿ ਪੰਜਾਬ ਦੀ ਆਪ ਸਰਕਾਰ ਪੀ.ਸੀ.ਐਸ. (ਪੰਜਾਬ ਸਿਵਲ ਸਰਵਿਸਜ਼) ਇਮਤਿਹਾਨ ਵਿੱਚ ਪੰਜਾਬੀ ਭਾਸ਼ਾ ਨੂੰ ਕਮਜ਼ੋਰ ਕਰ ਰਹੀ ਹੈ।
ਉਨ੍ਹਾਂ ਕਿਹਾ ਕਿ ਪਹਿਲਾਂ ਪੰਜਾਬੀ ਭਾਸ਼ਾ ਦਾ ਪੇਪਰ ਲਾਜ਼ਮੀ ਸੀ, ਪਰ ਹੁਣ ਇਸ ਨੂੰ ਕਮਜ਼ੋਰ ਕਰ ਦਿੱਤਾ ਗਿਆ ਹੈ, ਜਿਸ ਦਾ ਸਿੱਧਾ ਫ਼ਾਇਦਾ ਬਾਹਰਲੇ ਰਾਜਾਂ ਦੇ ਉਮੀਦਵਾਰਾਂ ਨੂੰ ਹੋਵੇਗਾ।

ਉਨ੍ਹਾਂ ਮੰਗ ਕੀਤੀ ਕਿ ਪੰਜਾਬੀ ਭਾਸ਼ਾ ਦਾ ਪੇਪਰ 150 ਅੰਕਾਂ ਦਾ ਲਾਜ਼ਮੀ ਕੀਤਾ ਜਾਵੇ ਅਤੇ ਇਸ ਨੂੰ ਮੈਰਿਟ ਵਿੱਚ ਸ਼ਾਮਲ ਕੀਤਾ ਜਾਵੇ।

ਪੰਜਾਬੀ ਭਾਸ਼ਾ ਪਸਾਰ ਭਾਈਚਾਰੇ ਦੇ ਆਗੂ ਸਰਬਜੀਤ ਸਿੰਘ ਝਿੰਜਰ ਨੇ ਕਿਹਾ ਕਿ ਪੰਜਾਬ ਦੀ ਆਪ ਸਰਕਾਰ ਪੀ.ਸੀ.ਐਸ. (ਪੰਜਾਬ ਸਿਵਲ ਸਰਵਿਸਜ਼) ਇਮਤਿਹਾਨ ਵਿੱਚ ਪੰਜਾਬੀ ਭਾਸ਼ਾ ਨੂੰ ਕਮਜ਼ੋਰ ਕਰ ਰਹੀ ਹੈ।

ਉਨ੍ਹਾਂ ਕਿਹਾ ਕਿ ਪਹਿਲਾਂ ਪੰਜਾਬੀ ਭਾਸ਼ਾ ਦਾ ਪੇਪਰ ਲਾਜ਼ਮੀ ਸੀ, ਪਰ ਹੁਣ ਇਸ ਨੂੰ ਕਮਜ਼ੋਰ ਕਰ ਦਿੱਤਾ ਗਿਆ ਹੈ, ਜਿਸ ਦਾ ਸਿੱਧਾ ਫ਼ਾਇਦਾ ਬਾਹਰਲੇ ਰਾਜਾਂ ਦੇ ਉਮੀਦਵਾਰਾਂ ਨੂੰ ਹੋਵੇਗਾ।

ਉਨ੍ਹਾਂ ਮੰਗ ਕੀਤੀ ਕਿ ਪੰਜਾਬੀ ਭਾਸ਼ਾ ਦਾ ਪੇਪਰ 150 ਅੰਕਾਂ ਦਾ ਲਾਜ਼ਮੀ ਕੀਤਾ ਜਾਵੇ ਅਤੇ ਇਸ ਨੂੰ ਮੈਰਿਟ ਵਿੱਚ ਸ਼ਾਮਲ ਕੀਤਾ ਜਾਵੇ।

ਪੰਜਾਬੀ ਭਾਸ਼ਾ ਪਸਾਰ ਭਾਈਚਾਰੇ ਦੇ ਆਗੂ ਸਰਬਜੀਤ ਸਿੰਘ ਝਿੰਜਰ ਨੇ ਕਿਹਾ ਕਿ ਪੰਜਾਬ ਦੀ ਆਪ ਸਰਕਾਰ ਪੀ.ਸੀ.ਐਸ. (ਪੰਜਾਬ ਸਿਵਲ ਸਰਵਿਸਜ਼) ਇਮਤਿਹਾਨ ਵਿੱਚ ਪੰਜਾਬੀ ਭਾਸ਼ਾ ਨੂੰ ਕਮਜ਼ੋਰ ਕਰ ਰਹੀ ਹੈ।

ਉਨ੍ਹਾਂ ਕਿਹਾ ਕਿ ਪਹਿਲਾਂ ਪੰਜਾਬੀ ਭਾਸ਼ਾ ਦਾ ਪੇਪਰ ਲਾਜ਼ਮੀ ਸੀ, ਪਰ ਹੁਣ ਇਸ ਨੂੰ ਕਮਜ਼ੋਰ ਕਰ ਦਿੱਤਾ ਗਿਆ ਹੈ, ਜਿਸ ਦਾ ਸਿੱਧਾ ਫ਼ਾਇਦਾ ਬਾਹਰਲੇ ਰਾਜਾਂ ਦੇ ਉਮੀਦਵਾਰਾਂ ਨੂੰ ਹੋਵੇਗਾ।

ਉਨ੍ਹਾਂ ਮੰਗ ਕੀਤੀ ਕਿ ਪੰਜਾਬੀ ਭਾਸ਼ਾ ਦਾ ਪੇਪਰ 150 ਅੰਕਾਂ ਦਾ ਲਾਜ਼ਮੀ ਕੀਤਾ ਜਾਵੇ ਅਤੇ ਇਸ ਨੂੰ ਮੈਰਿਟ ਵਿੱਚ ਸ਼ਾਮਲ ਕੀਤਾ ਜਾਵੇ।

ਪੰਜਾਬੀ ਭਾਸ਼ਾ ਪਸਾਰ ਭਾਈਚਾਰੇ ਦੇ ਆਗੂ ਸਰਬਜੀਤ ਸਿੰਘ ਝਿੰਜਰ ਨੇ ਕਿਹਾ ਕਿ ਪੰਜਾਬ ਦੀ ਆਪ ਸਰਕਾਰ ਪੀ.ਸੀ.ਐਸ. (ਪੰਜਾਬ ਸਿਵਲ ਸਰਵਿਸਜ਼) ਇਮਤਿਹਾਨ ਵਿੱਚ ਪੰਜਾਬੀ ਭਾਸ਼ਾ ਨੂੰ ਕਮਜ਼ੋਰ ਕਰ ਰਹੀ ਹੈ।

ਦਸਵੀਂ ਦਾ ਦਿਹਾੜਾ ਸ਼ਰਧਾ ਭਾਵਨਾ ਨਾਲ ਉਤਸ਼ਾਹ ਪੂਰਵਕ ਮਨਾਇਆ ਗਿਆ
ਐਸ.ਏ.ਐਸ. ਨਗਰ, 30 ਦਸੰਬਰ
(ਪੈਗ਼ਾਮ-ਏ-ਜਗਤ)

ਗੁਰਦੁਆਰਾ ਸਾਹਿਬ ਵਿਖੇ ਦਸਵੀਂ ਦਾ ਦਿਹਾੜਾ ਬੜੀ ਸ਼ਰਧਾ ਭਾਵਨਾ ਨਾਲ ਮਨਾਇਆ ਗਿਆ। ਇਸ ਮੌਕੇ ਸੰਗਤਾਂ ਨੇ ਵੱਡੀ ਗਿਣਤੀ ਵਿੱਚ ਹਾਜ਼ਰੀ ਭਰੀ।

ਗੁਰਬਾਣੀ ਕੀਰਤਨ ਅਤੇ ਕਥਾ ਵਿਚਾਰਾਂ ਰਾਹੀਂ ਸੰਗਤਾਂ ਨੂੰ ਗੁਰੂ ਸਾਹਿਬ ਦੇ ਜੀਵਨ ਬਾਰੇ ਜਾਣਕਾਰੀ ਦਿੱਤੀ ਗਈ।

ਇਸ ਮੌਕੇ ਅਟੁੱਟ ਲੰਗਰ ਵਰਤਾਇਆ ਗਿਆ ਅਤੇ ਸੰਗਤਾਂ ਨੇ ਸੇਵਾ ਵਿੱਚ ਵਧ ਚੜ੍ਹ ਕੇ ਹਿੱਸਾ ਲਿਆ।

ਗੁਰਦੁਆਰਾ ਸਾਹਿਬ ਵਿਖੇ ਦਸਵੀਂ ਦਾ ਦਿਹਾੜਾ ਬੜੀ ਸ਼ਰਧਾ ਭਾਵਨਾ ਨਾਲ ਮਨਾਇਆ ਗਿਆ। ਇਸ ਮੌਕੇ ਸੰਗਤਾਂ ਨੇ ਵੱਡੀ ਗਿਣਤੀ ਵਿੱਚ ਹਾਜ਼ਰੀ ਭਰੀ।

ਗੁਰਬਾਣੀ ਕੀਰਤਨ ਅਤੇ ਕਥਾ ਵਿਚਾਰਾਂ ਰਾਹੀਂ ਸੰਗਤਾਂ ਨੂੰ ਗੁਰੂ ਸਾਹਿਬ ਦੇ ਜੀਵਨ ਬਾਰੇ ਜਾਣਕਾਰੀ ਦਿੱਤੀ ਗਈ।

ਇਸ ਮੌਕੇ ਅਟੁੱਟ ਲੰਗਰ ਵਰਤਾਇਆ ਗਿਆ ਅਤੇ ਸੰਗਤਾਂ ਨੇ ਸੇਵਾ ਵਿੱਚ ਵਧ ਚੜ੍ਹ ਕੇ ਹਿੱਸਾ ਲਿਆ।
